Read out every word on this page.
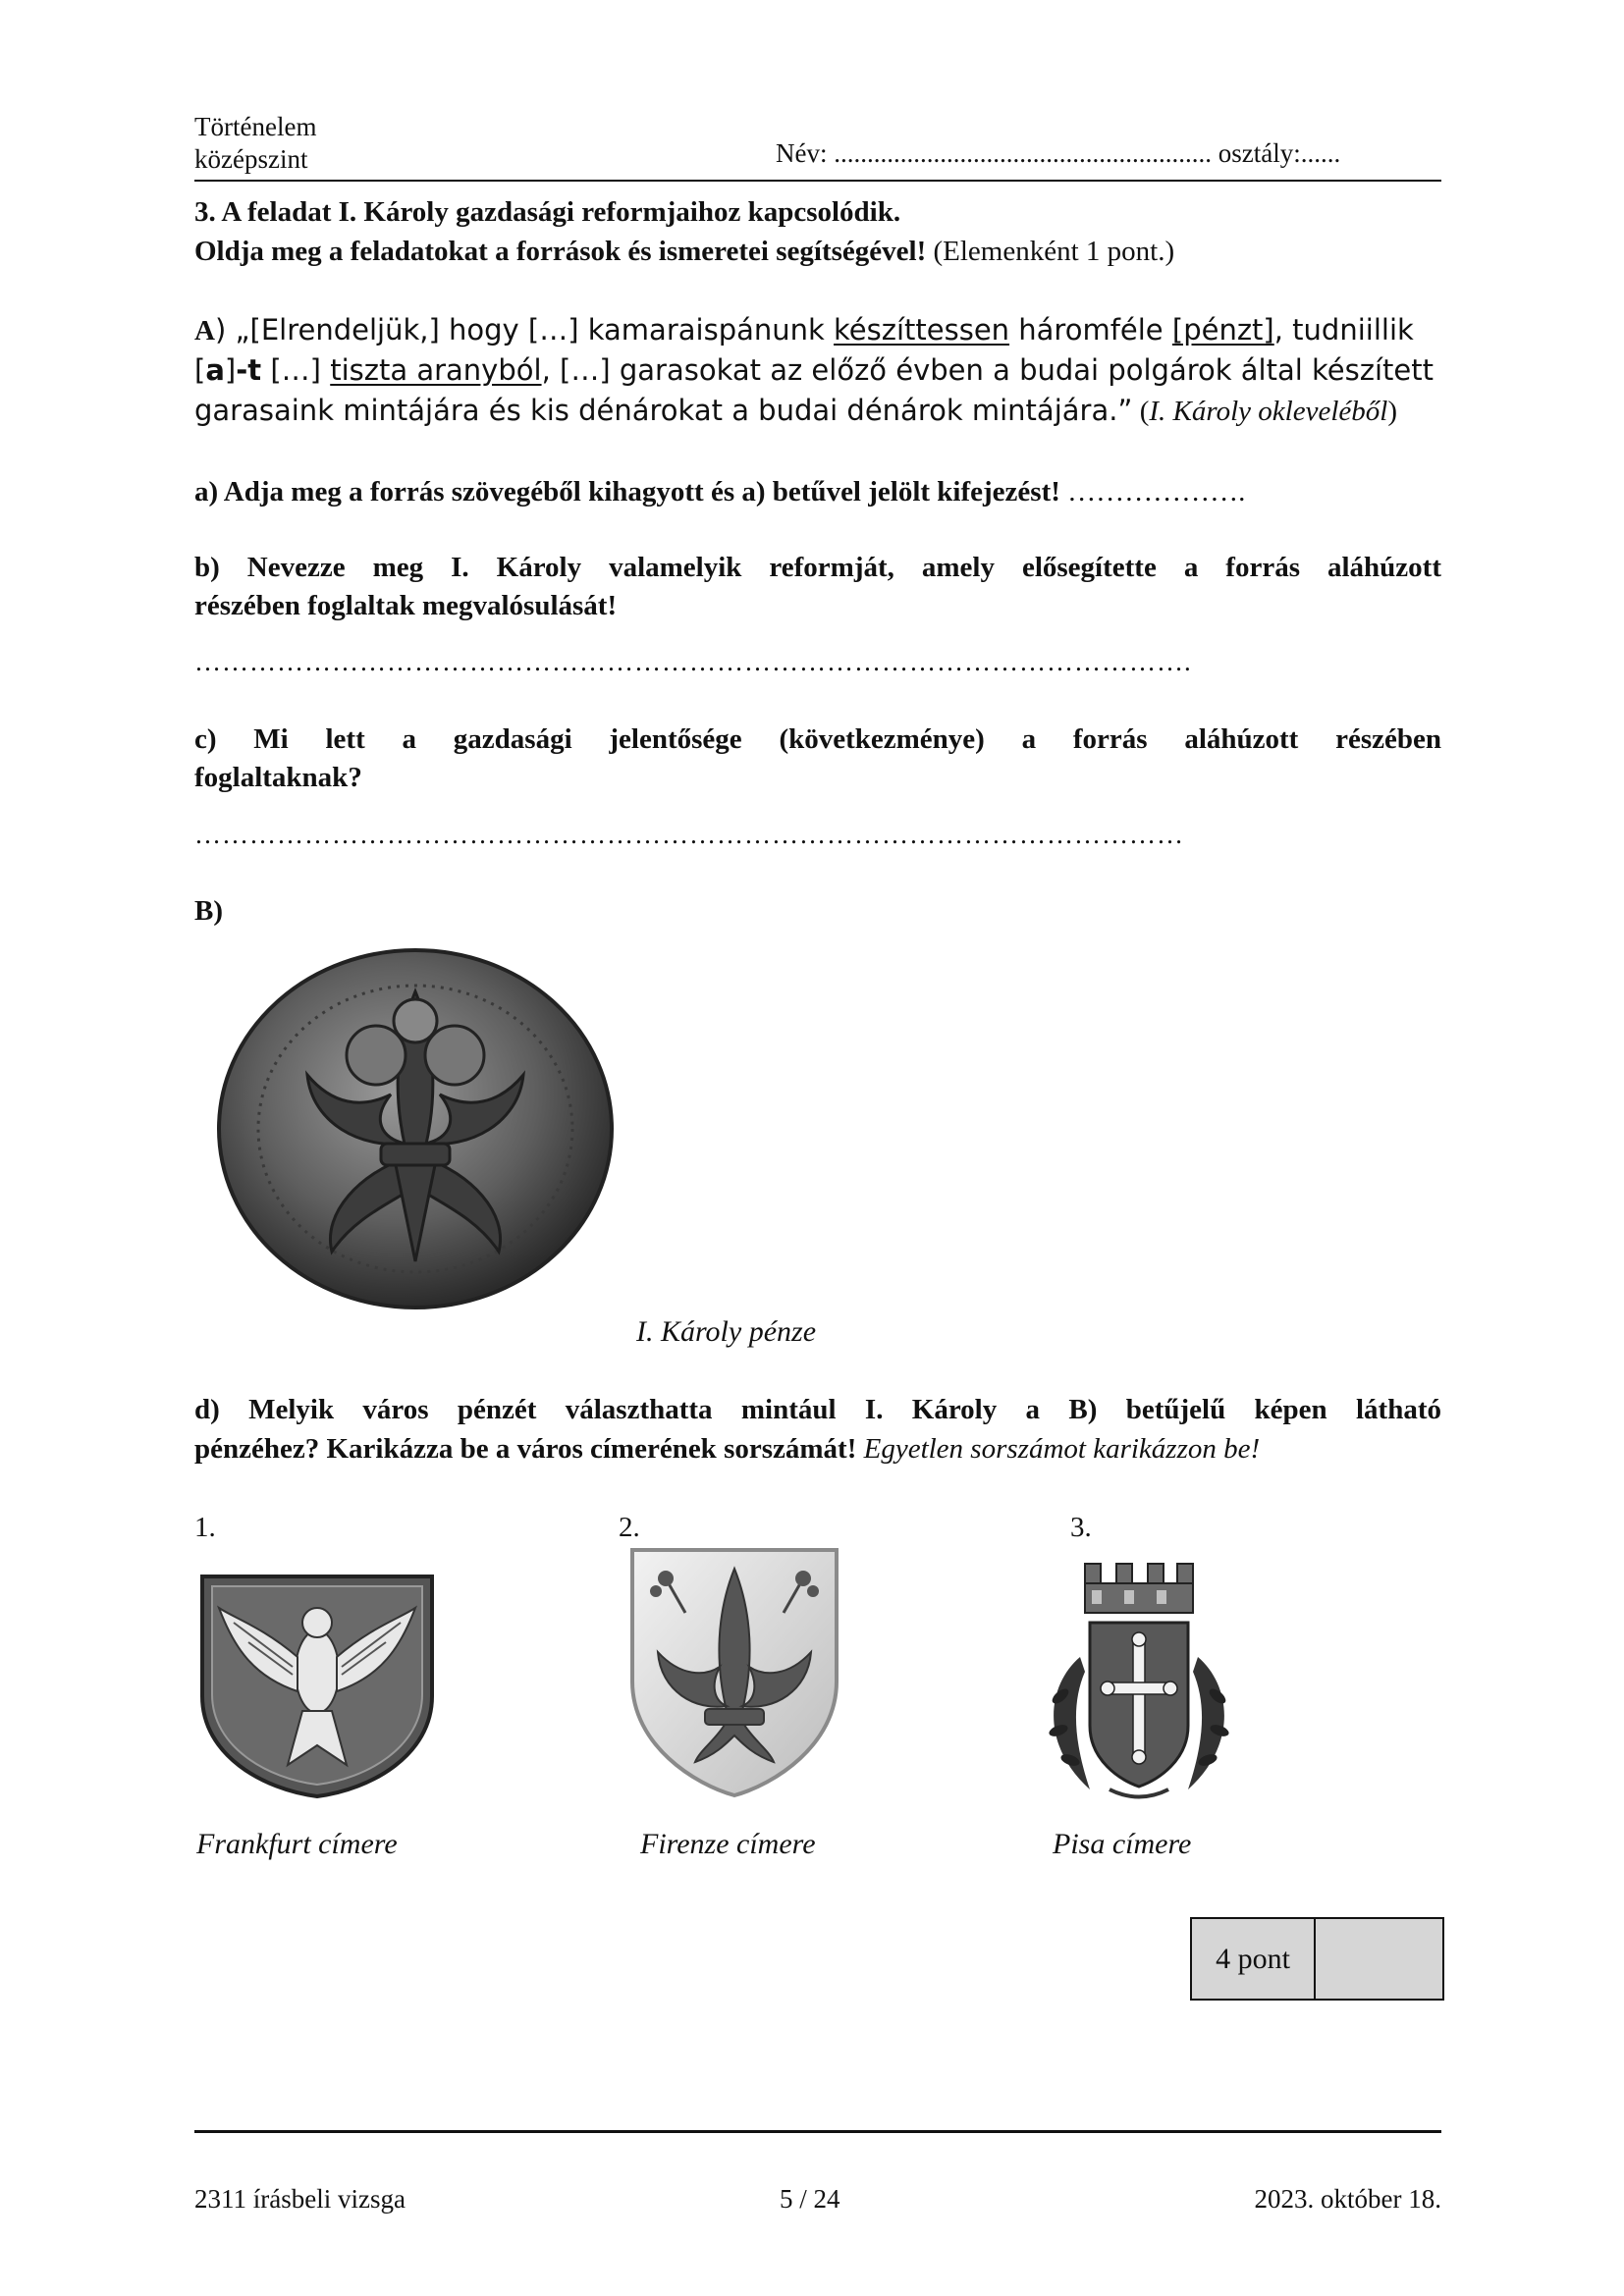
Történelem
középszint	Név: ......................................................... osztály:......
3. A feladat I. Károly gazdasági reformjaihoz kapcsolódik.
Oldja meg a feladatokat a források és ismeretei segítségével! (Elemenként 1 pont.)
A) „[Elrendeljük,] hogy […] kamaraispánunk készíttessen háromféle [pénzt], tudniillik
[a]-t […] tiszta aranyból, […] garasokat az előző évben a budai polgárok által készített
garasaink mintájára és kis dénárokat a budai dénárok mintájára.” (I. Károly okleveléből)
a) Adja meg a forrás szövegéből kihagyott és a) betűvel jelölt kifejezést! ……………….
b) Nevezze meg I. Károly valamelyik reformját, amely elősegítette a forrás aláhúzott
részében foglaltak megvalósulását!
……………………………………………………………………………………………….
c) Mi lett a gazdasági jelentősége (következménye) a forrás aláhúzott részében
foglaltaknak?
………………………………………………………………………………………………
B)
I. Károly pénze
d) Melyik város pénzét választhatta mintául I. Károly a B) betűjelű képen látható
pénzéhez? Karikázza be a város címerének sorszámát! Egyetlen sorszámot karikázzon be!
1.	2.	3.
Frankfurt címere	Firenze címere	Pisa címere
4 pont
2311 írásbeli vizsga	5 / 24	2023. október 18.
